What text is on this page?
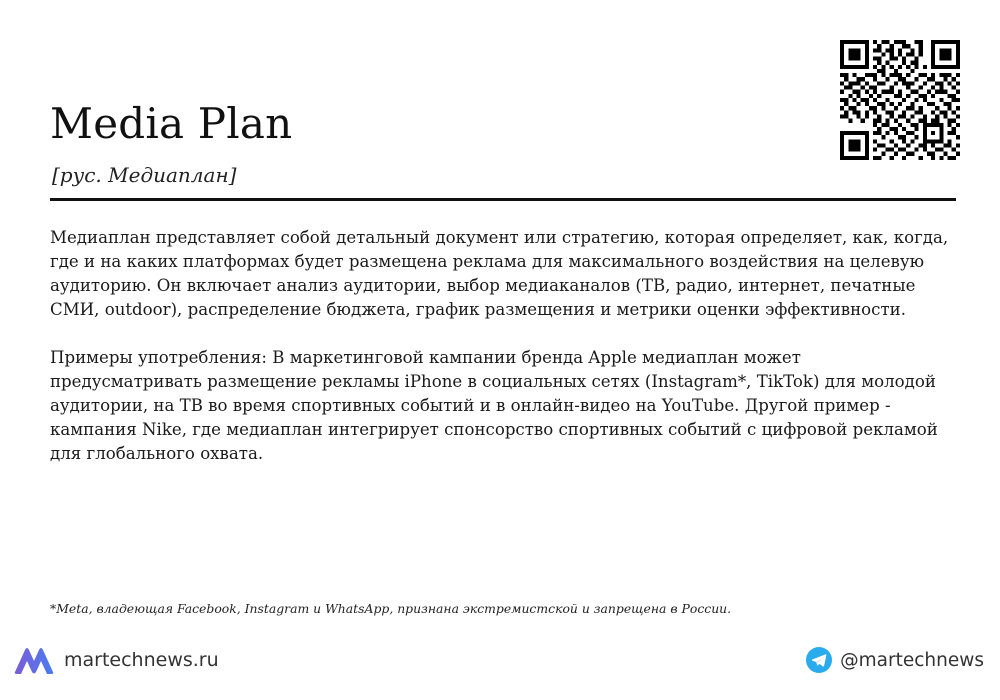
Media Plan
[рус. Медиаплан]

Медиаплан представляет собой детальный документ или стратегию, которая определяет, как, когда, где и на каких платформах будет размещена реклама для максимального воздействия на целевую аудиторию. Он включает анализ аудитории, выбор медиаканалов (ТВ, радио, интернет, печатные СМИ, outdoor), распределение бюджета, график размещения и метрики оценки эффективности.

Примеры употребления: В маркетинговой кампании бренда Apple медиаплан может предусматривать размещение рекламы iPhone в социальных сетях (Instagram*, TikTok) для молодой аудитории, на ТВ во время спортивных событий и в онлайн-видео на YouTube. Другой пример - кампания Nike, где медиаплан интегрирует спонсорство спортивных событий с цифровой рекламой для глобального охвата.

*Meta, владеющая Facebook, Instagram и WhatsApp, признана экстремистской и запрещена в России.
martechnews.ru	@martechnews
